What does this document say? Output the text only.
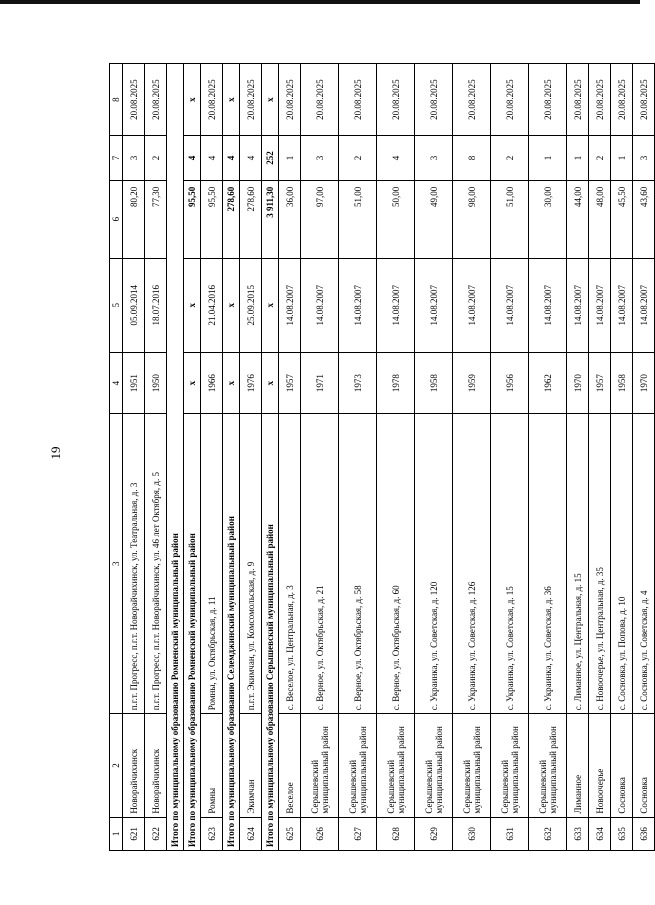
19
1	2	3	4	5	6	7	8
621	Новорайчихинск	п.г.т. Прогресс, п.г.т. Новорайчихинск, ул. Театральная, д. 3	1951	05.09.2014	80,20	3	20.08.2025
622	Новорайчихинск	п.г.т. Прогресс, п.г.т. Новорайчихинск, ул. 46 лет Октября, д. 5	1950	18.07.2016	77,30	2	20.08.2025
Итого по муниципальному образованию Ромненский муниципальный район							
Итого по муниципальному образованию Ромненский муниципальный район			х	х	95,50	4	х
623	Ромны	Ромны, ул. Октябрьская, д. 11	1966	21.04.2016	95,50	4	20.08.2025
Итого по муниципальному образованию Селемджинский муниципальный район			х	х	278,60	4	х
624	Экимчан	п.г.т. Экимчан, ул. Комсомольская, д. 9	1976	25.09.2015	278,60	4	20.08.2025
Итого по муниципальному образованию Серышевский муниципальный район			х	х	3 911,30	252	х
625	Веселое	с. Веселое, ул. Центральная, д. 3	1957	14.08.2007	36,00	1	20.08.2025
626	Серышевский муниципальный район	с. Верное, ул. Октябрьская, д. 21	1971	14.08.2007	97,00	3	20.08.2025
627	Серышевский муниципальный район	с. Верное, ул. Октябрьская, д. 58	1973	14.08.2007	51,00	2	20.08.2025
628	Серышевский муниципальный район	с. Верное, ул. Октябрьская, д. 60	1978	14.08.2007	50,00	4	20.08.2025
629	Серышевский муниципальный район	с. Украинка, ул. Советская, д. 120	1958	14.08.2007	49,00	3	20.08.2025
630	Серышевский муниципальный район	с. Украинка, ул. Советская, д. 126	1959	14.08.2007	98,00	8	20.08.2025
631	Серышевский муниципальный район	с. Украинка, ул. Советская, д. 15	1956	14.08.2007	51,00	2	20.08.2025
632	Серышевский муниципальный район	с. Украинка, ул. Советская, д. 36	1962	14.08.2007	30,00	1	20.08.2025
633	Лиманное	с. Лиманное, ул. Центральная, д. 15	1970	14.08.2007	44,00	1	20.08.2025
634	Новоочерье	с. Новоочерье, ул. Центральная, д. 35	1957	14.08.2007	48,00	2	20.08.2025
635	Сосновка	с. Сосновка, ул. Попова, д. 10	1958	14.08.2007	45,50	1	20.08.2025
636	Сосновка	с. Сосновка, ул. Советская, д. 4	1970	14.08.2007	43,60	3	20.08.2025
